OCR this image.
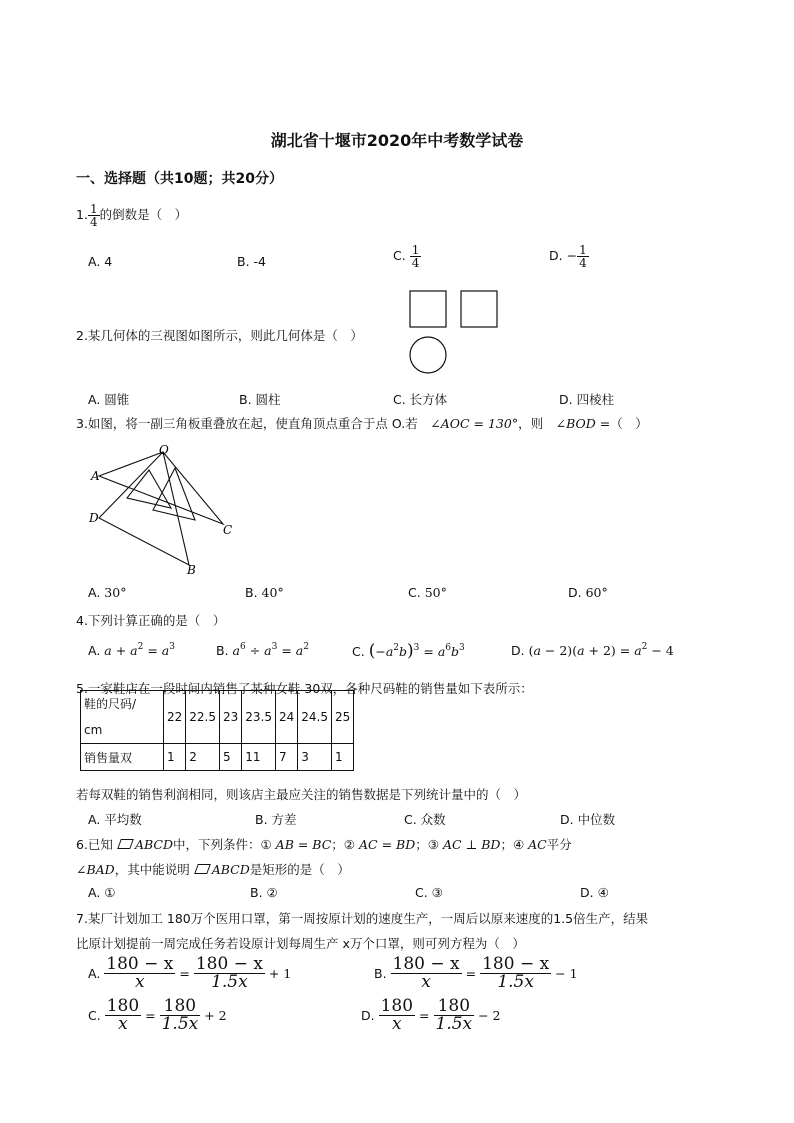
湖北省十堰市2020年中考数学试卷
一、选择题（共10题；共20分）
1. $\frac{1}{4}$ 的倒数是（　）
A. 4	B. -4	C. $\frac{1}{4}$	D. − $\frac{1}{4}$
2.某几何体的三视图如图所示，则此几何体是（　）
A. 圆锥	B. 圆柱	C. 长方体	D. 四棱柱
3.如图，将一副三角板重叠放在起，使直角顶点重合于点 O.若　 ∠AOC = 130°，则　 ∠BOD =（　）
O
A
D
C
B
A. 30°	B. 40°	C. 50°	D. 60°
4.下列计算正确的是（　）
A. $a + a^2 = a^3$	B. $a^6 \div a^3 = a^2$	C. $(-a^2b)^3 = a^6b^3$	D. $(a - 2)(a + 2) = a^2 - 4$
5.一家鞋店在一段时间内销售了某种女鞋 30双，各种尺码鞋的销售量如下表所示：
鞋的尺码/
cm	22	22.5	23	23.5	24	24.5	25
销售量双	1	2	5	11	7	3	1
若每双鞋的销售利润相同，则该店主最应关注的销售数据是下列统计量中的（　）
A. 平均数	B. 方差	C. 众数	D. 中位数
6.已知 ABCD中，下列条件：① AB = BC；② AC = BD；③ AC ⊥ BD；④ AC平分
∠BAD，其中能说明 ABCD是矩形的是（　）
A. ①	B. ②	C. ③	D. ④
7.某厂计划加工 180万个医用口罩，第一周按原计划的速度生产，一周后以原来速度的1.5倍生产，结果
比原计划提前一周完成任务若设原计划每周生产 x万个口罩，则可列方程为（　）
A. $\frac{180 - x}{x} = \frac{180 - x}{1.5x} + 1$	B. $\frac{180 - x}{x} = \frac{180 - x}{1.5x} - 1$
C. $\frac{180}{x} = \frac{180}{1.5x} + 2$	D. $\frac{180}{x} = \frac{180}{1.5x} - 2$
